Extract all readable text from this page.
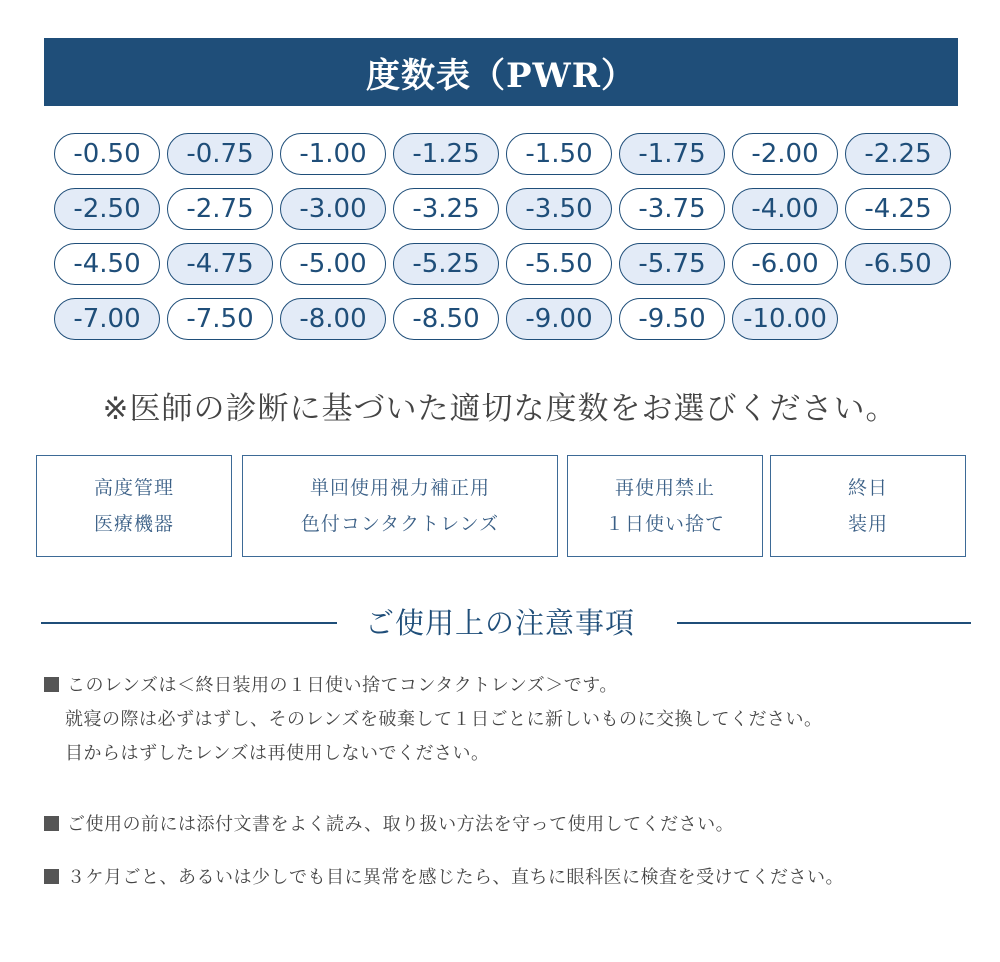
度数表（PWR）
-0.50	-0.75	-1.00	-1.25	-1.50	-1.75	-2.00	-2.25
-2.50	-2.75	-3.00	-3.25	-3.50	-3.75	-4.00	-4.25
-4.50	-4.75	-5.00	-5.25	-5.50	-5.75	-6.00	-6.50
-7.00	-7.50	-8.00	-8.50	-9.00	-9.50	-10.00
※医師の診断に基づいた適切な度数をお選びください。
高度管理
医療機器
単回使用視力補正用
色付コンタクトレンズ
再使用禁止
１日使い捨て
終日
装用
ご使用上の注意事項
このレンズは＜終日装用の１日使い捨てコンタクトレンズ＞です。
就寝の際は必ずはずし、そのレンズを破棄して１日ごとに新しいものに交換してください。
目からはずしたレンズは再使用しないでください。
ご使用の前には添付文書をよく読み、取り扱い方法を守って使用してください。
３ケ月ごと、あるいは少しでも目に異常を感じたら、直ちに眼科医に検査を受けてください。
